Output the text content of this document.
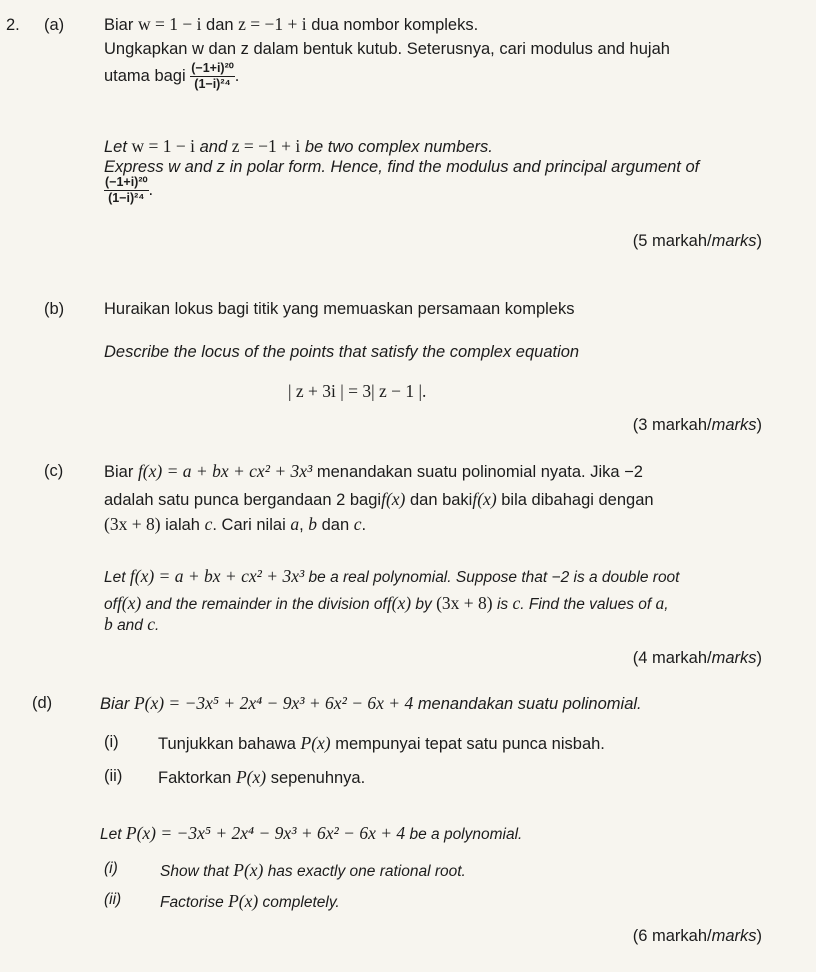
2. (a) Biar w = 1 − i dan z = −1 + i dua nombor kompleks.
Ungkapkan w dan z dalam bentuk kutub. Seterusnya, cari modulus and hujah
utama bagi $\frac{\text{(−1+i)²⁰}}{\text{(1−i)²⁴}}$ .
Let w = 1 − i and z = −1 + i be two complex numbers.
Express w and z in polar form. Hence, find the modulus and principal argument of
$\frac{\text{(−1+i)²⁰}}{\text{(1−i)²⁴}}$ .
(5 markah/marks)
(b) Huraikan lokus bagi titik yang memuaskan persamaan kompleks
Describe the locus of the points that satisfy the complex equation
| z + 3i | = 3| z − 1 |.
(3 markah/marks)
(c) Biar f(x) = a + bx + cx² + 3x³ menandakan suatu polinomial nyata. Jika −2
adalah satu punca bergandaan 2 bagif(x) dan bakif(x) bila dibahagi dengan
(3x + 8) ialah c. Cari nilai a, b dan c.
Let f(x) = a + bx + cx² + 3x³ be a real polynomial. Suppose that −2 is a double root
off(x) and the remainder in the division off(x) by (3x + 8) is c. Find the values of a,
b and c.
(4 markah/marks)
(d)	Biar P(x) = −3x⁵ + 2x⁴ − 9x³ + 6x² − 6x + 4 menandakan suatu polinomial.
(i) Tunjukkan bahawa P(x) mempunyai tepat satu punca nisbah.
(ii) Faktorkan P(x) sepenuhnya.
Let P(x) = −3x⁵ + 2x⁴ − 9x³ + 6x² − 6x + 4 be a polynomial.
(i)	Show that P(x) has exactly one rational root.
(ii)	Factorise P(x) completely.
(6 markah/marks)
